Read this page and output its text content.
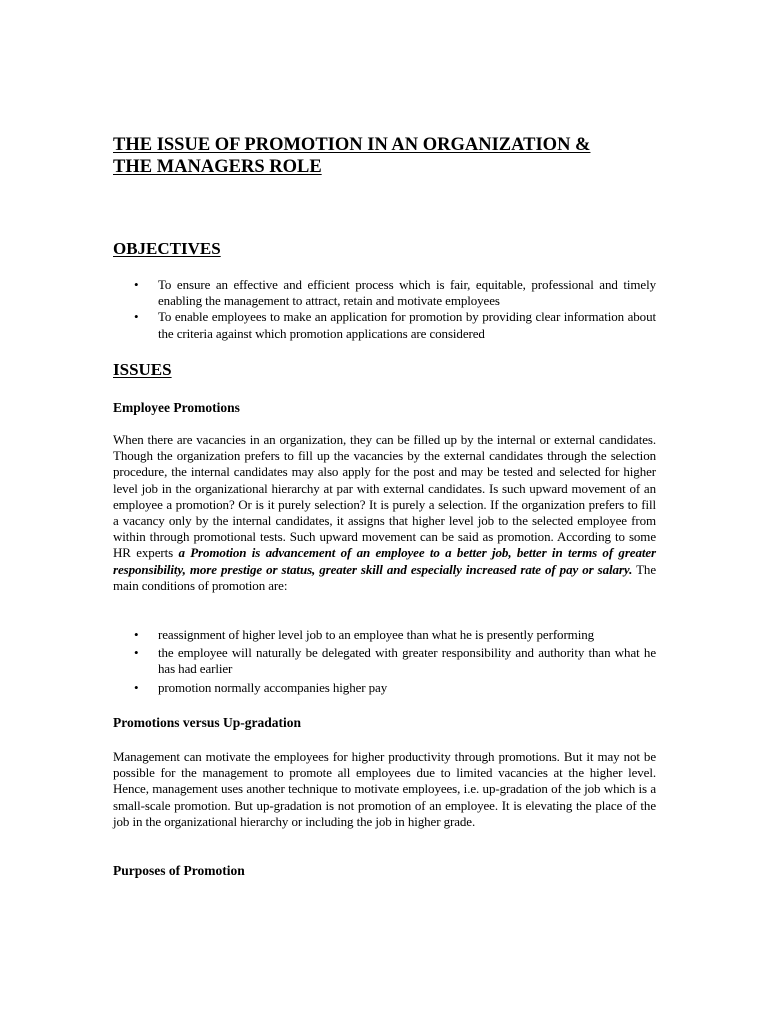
THE ISSUE OF PROMOTION IN AN ORGANIZATION &
THE MANAGERS ROLE
OBJECTIVES
• To ensure an effective and efficient process which is fair, equitable, professional and timely enabling the management to attract, retain and motivate employees
• To enable employees to make an application for promotion by providing clear information about the criteria against which promotion applications are considered
ISSUES
Employee Promotions

When there are vacancies in an organization, they can be filled up by the internal or external candidates. Though the organization prefers to fill up the vacancies by the external candidates through the selection procedure, the internal candidates may also apply for the post and may be tested and selected for higher level job in the organizational hierarchy at par with external candidates. Is such upward movement of an employee a promotion? Or is it purely selection? It is purely a selection. If the organization prefers to fill a vacancy only by the internal candidates, it assigns that higher level job to the selected employee from within through promotional tests. Such upward movement can be said as promotion. According to some HR experts a Promotion is advancement of an employee to a better job, better in terms of greater responsibility, more prestige or status, greater skill and especially increased rate of pay or salary. The main conditions of promotion are:

• reassignment of higher level job to an employee than what he is presently performing
• the employee will naturally be delegated with greater responsibility and authority than what he has had earlier
• promotion normally accompanies higher pay
Promotions versus Up-gradation

Management can motivate the employees for higher productivity through promotions. But it may not be possible for the management to promote all employees due to limited vacancies at the higher level. Hence, management uses another technique to motivate employees, i.e. up-gradation of the job which is a small-scale promotion. But up-gradation is not promotion of an employee. It is elevating the place of the job in the organizational hierarchy or including the job in higher grade.

Purposes of Promotion
